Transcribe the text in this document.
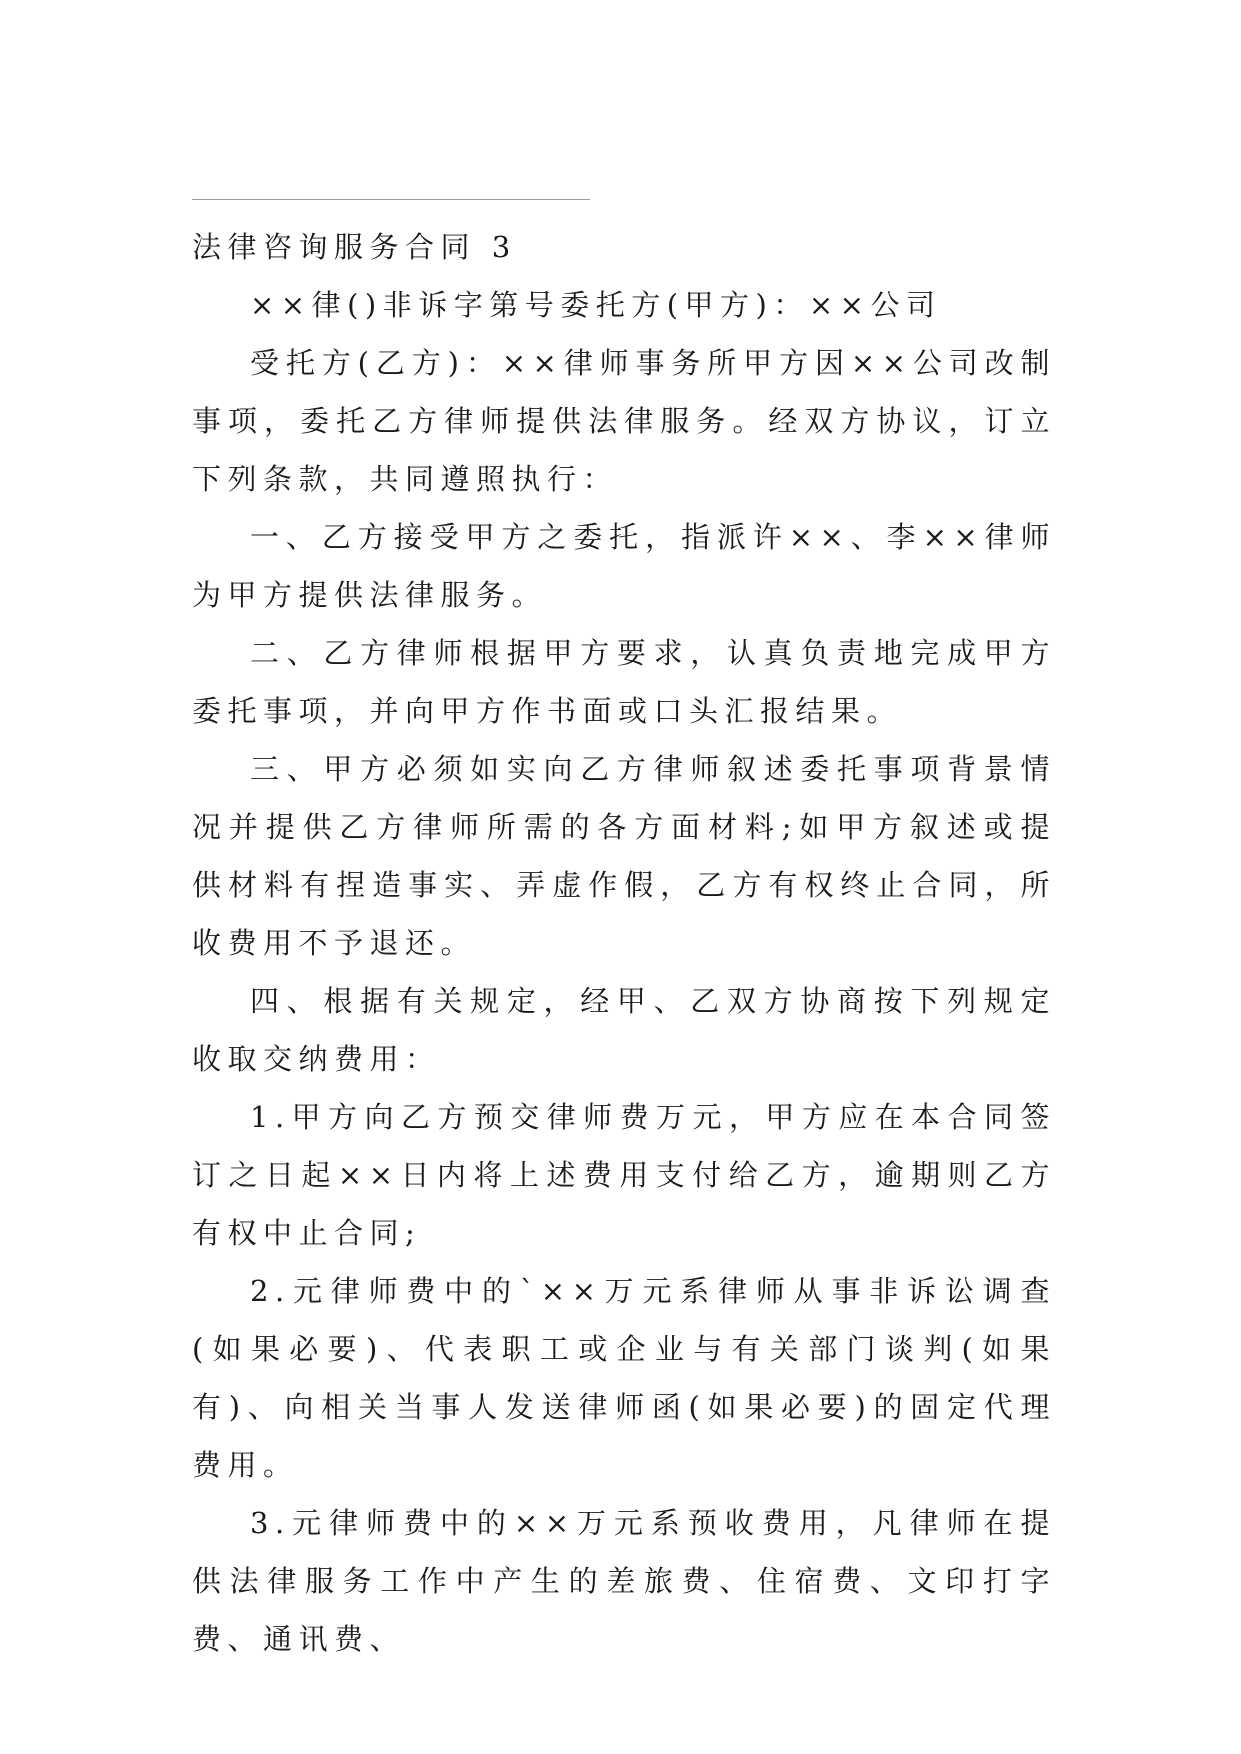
法律咨询服务合同 3

××律()非诉字第号委托方(甲方)：××公司

受托方(乙方)：××律师事务所甲方因××公司改制事项，委托乙方律师提供法律服务。经双方协议，订立下列条款，共同遵照执行：

一、乙方接受甲方之委托，指派许××、李××律师为甲方提供法律服务。

二、乙方律师根据甲方要求，认真负责地完成甲方委托事项，并向甲方作书面或口头汇报结果。

三、甲方必须如实向乙方律师叙述委托事项背景情况并提供乙方律师所需的各方面材料;如甲方叙述或提供材料有捏造事实、弄虚作假，乙方有权终止合同，所收费用不予退还。

四、根据有关规定，经甲、乙双方协商按下列规定收取交纳费用：

1.甲方向乙方预交律师费万元，甲方应在本合同签订之日起××日内将上述费用支付给乙方，逾期则乙方有权中止合同;

2.元律师费中的`××万元系律师从事非诉讼调查(如果必要)、代表职工或企业与有关部门谈判(如果有)、向相关当事人发送律师函(如果必要)的固定代理费用。

3.元律师费中的××万元系预收费用，凡律师在提供法律服务工作中产生的差旅费、住宿费、文印打字费、通讯费、
